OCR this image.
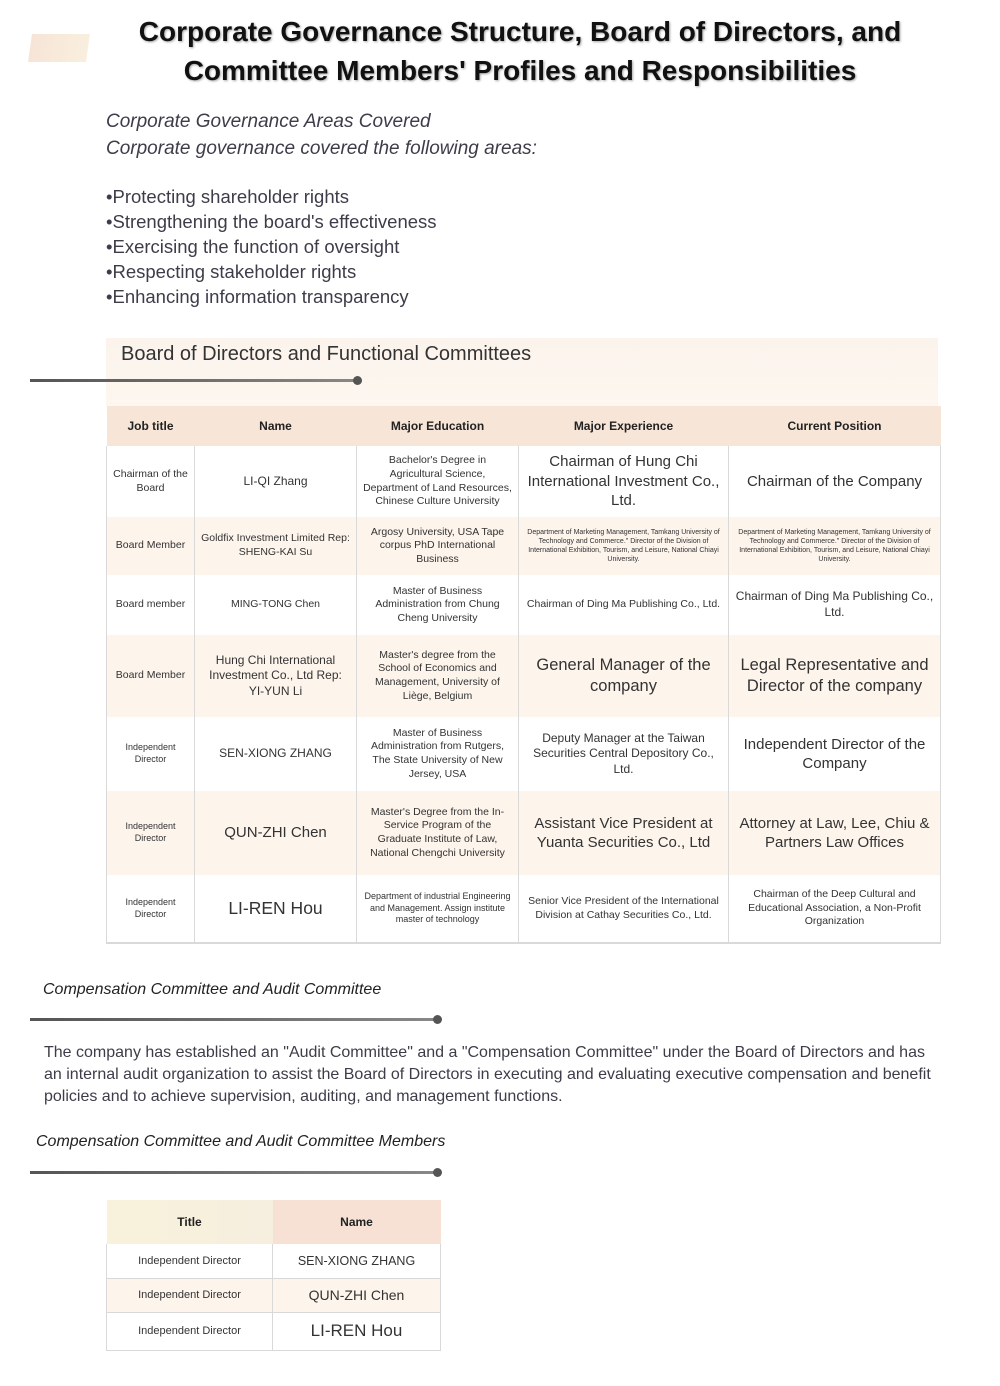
Corporate Governance Structure, Board of Directors, and
Committee Members' Profiles and Responsibilities
Corporate Governance Areas Covered
Corporate governance covered the following areas:
•Protecting shareholder rights
•Strengthening the board's effectiveness
•Exercising the function of oversight
•Respecting stakeholder rights
•Enhancing information transparency
Board of Directors and Functional Committees
Job title	Name	Major Education	Major Experience	Current Position
Chairman of the Board	LI-QI Zhang	Bachelor's Degree in Agricultural Science, Department of Land Resources, Chinese Culture University	Chairman of Hung Chi International Investment Co., Ltd.	Chairman of the Company
Board Member	Goldfix Investment Limited Rep: SHENG-KAI Su	Argosy University, USA Tape corpus PhD International Business	Department of Marketing Management, Tamkang University of Technology and Commerce." Director of the Division of International Exhibition, Tourism, and Leisure, National Chiayi University.	Department of Marketing Management, Tamkang University of Technology and Commerce." Director of the Division of International Exhibition, Tourism, and Leisure, National Chiayi University.
Board member	MING-TONG Chen	Master of Business Administration from Chung Cheng University	Chairman of Ding Ma Publishing Co., Ltd.	Chairman of Ding Ma Publishing Co., Ltd.
Board Member	Hung Chi International Investment Co., Ltd Rep: YI-YUN Li	Master's degree from the School of Economics and Management, University of Liège, Belgium	General Manager of the company	Legal Representative and Director of the company
Independent Director	SEN-XIONG ZHANG	Master of Business Administration from Rutgers, The State University of New Jersey, USA	Deputy Manager at the Taiwan Securities Central Depository Co., Ltd.	Independent Director of the Company
Independent Director	QUN-ZHI Chen	Master's Degree from the In-Service Program of the Graduate Institute of Law, National Chengchi University	Assistant Vice President at Yuanta Securities Co., Ltd	Attorney at Law, Lee, Chiu & Partners Law Offices
Independent Director	LI-REN Hou	Department of industrial Engineering and Management. Assign institute master of technology	Senior Vice President of the International Division at Cathay Securities Co., Ltd.	Chairman of the Deep Cultural and Educational Association, a Non-Profit Organization
Compensation Committee and Audit Committee

The company has established an "Audit Committee" and a "Compensation Committee" under the Board of Directors and has an internal audit organization to assist the Board of Directors in executing and evaluating executive compensation and benefit policies and to achieve supervision, auditing, and management functions.

Compensation Committee and Audit Committee Members
Title	Name
Independent Director	SEN-XIONG ZHANG
Independent Director	QUN-ZHI Chen
Independent Director	LI-REN Hou
